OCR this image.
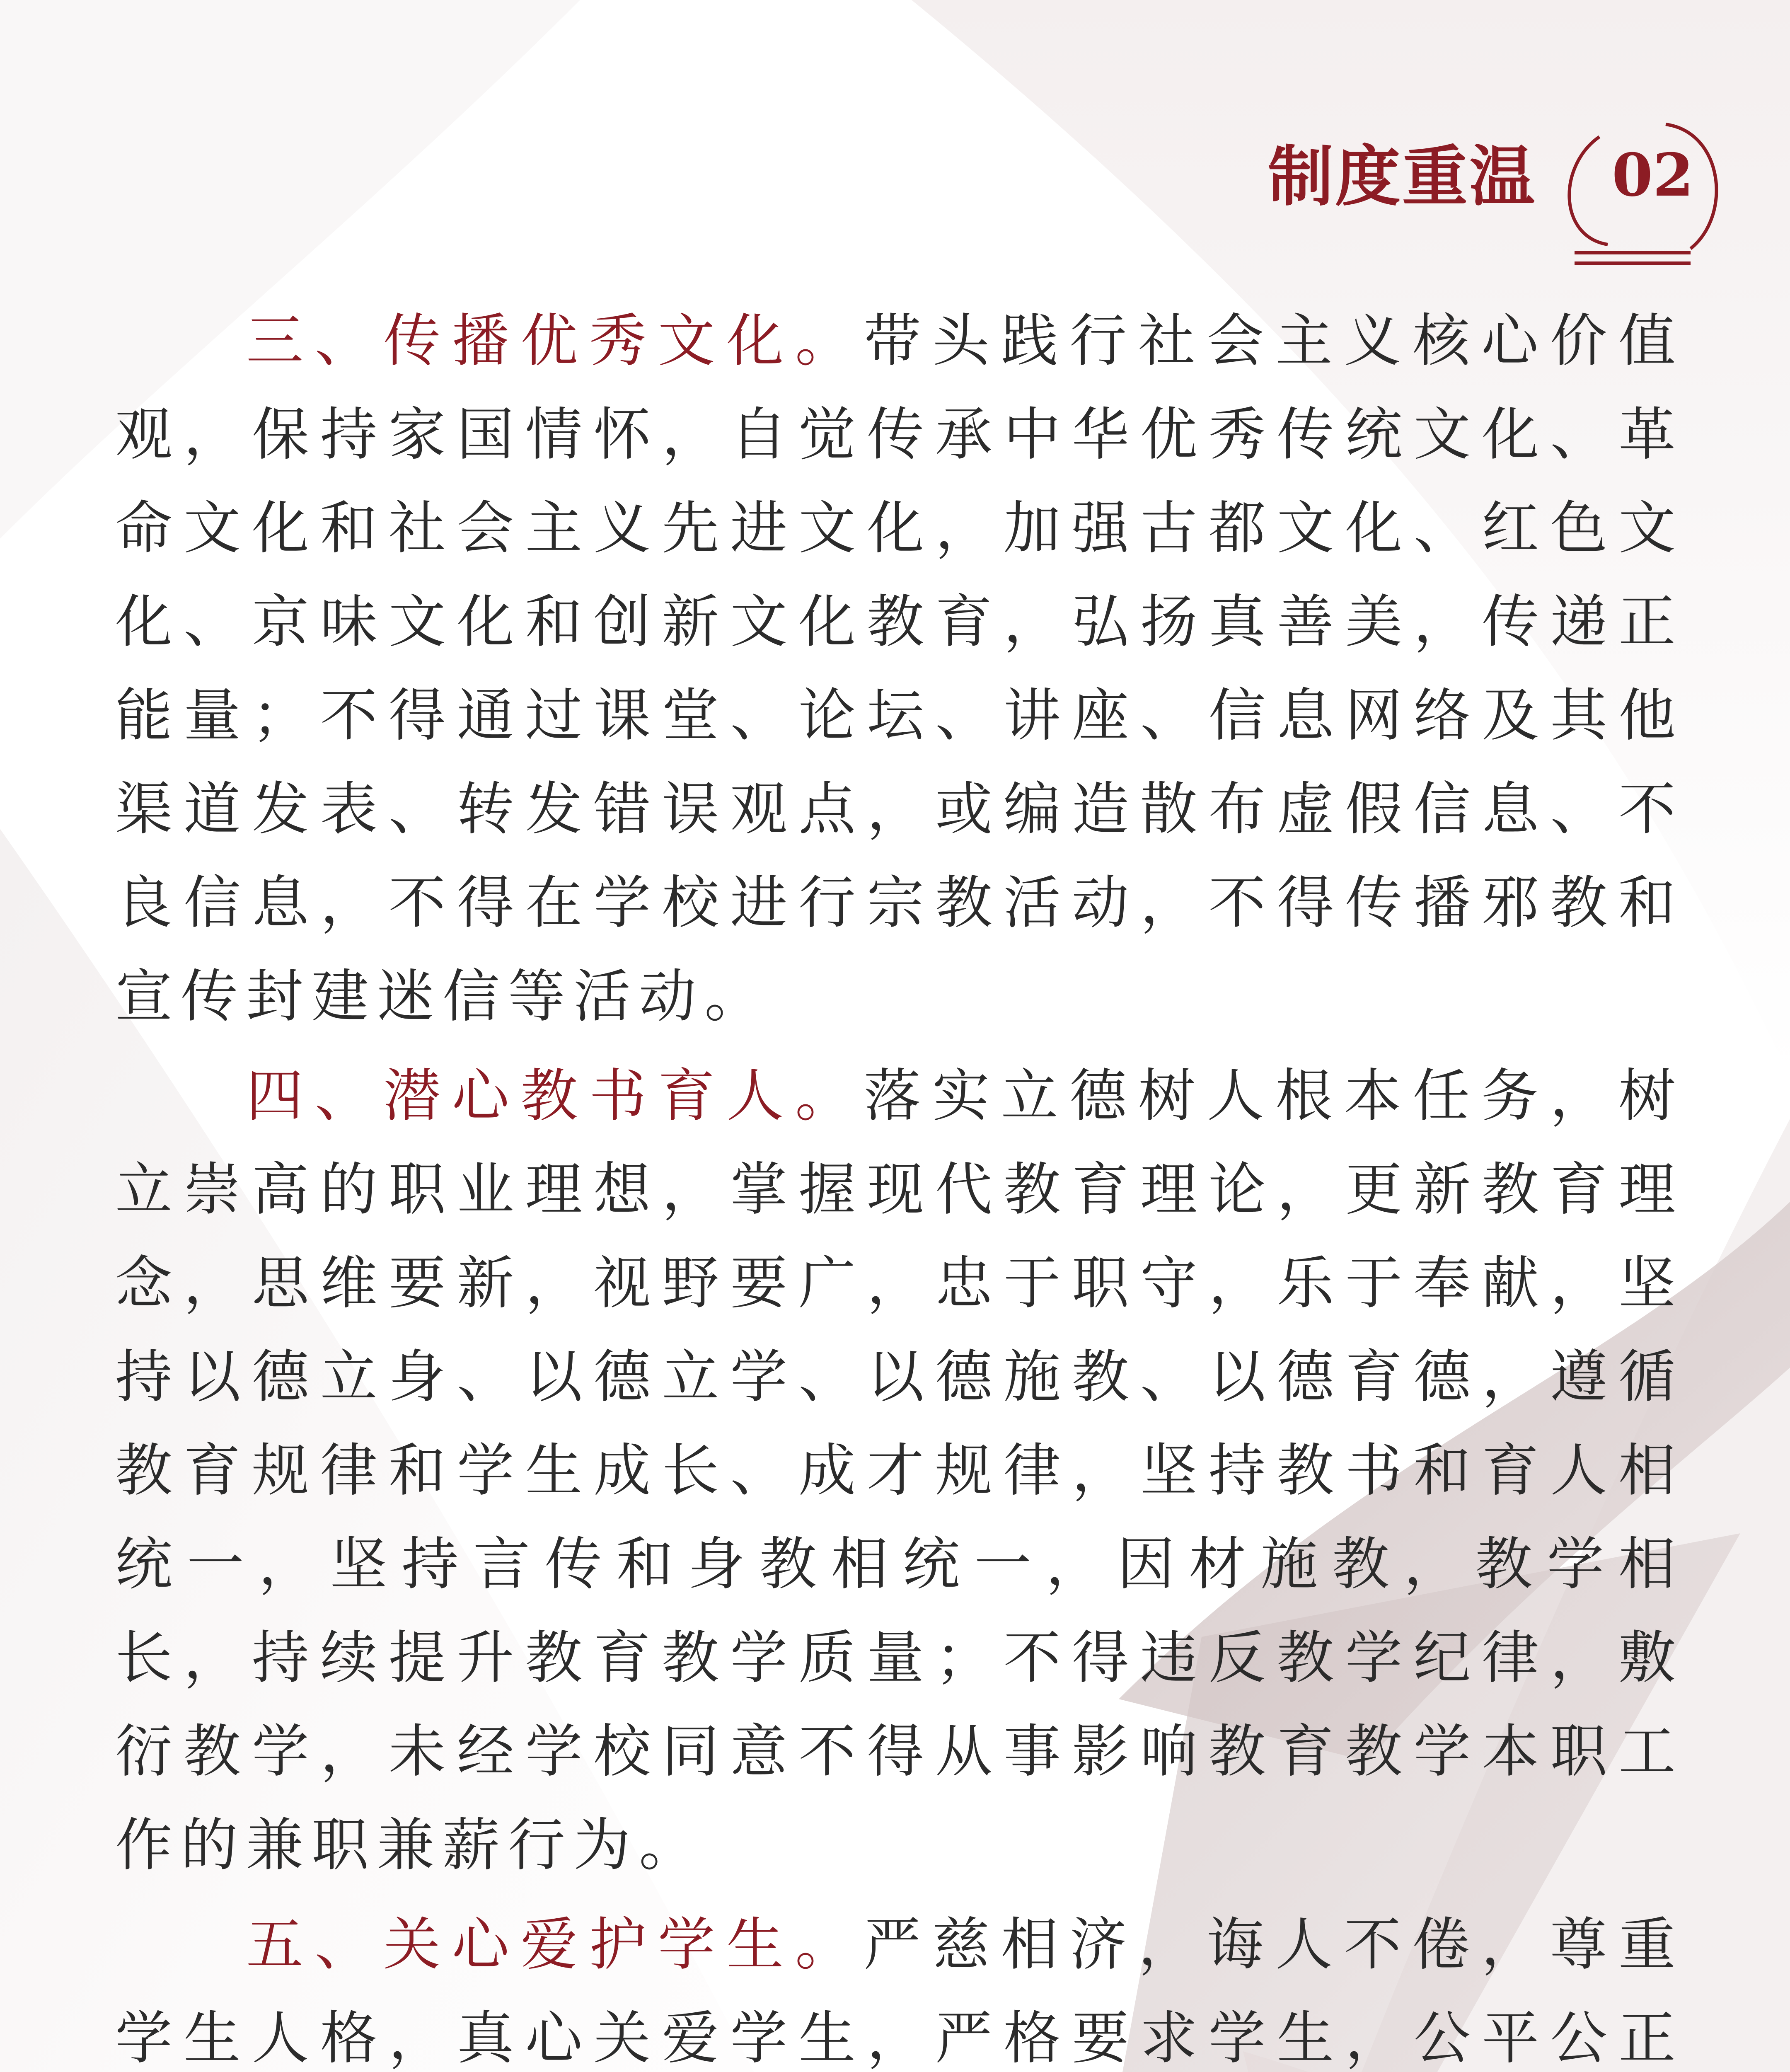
制度重温 02

三、传播优秀文化。带头践行社会主义核心价值观，保持家国情怀，自觉传承中华优秀传统文化、革命文化和社会主义先进文化，加强古都文化、红色文化、京味文化和创新文化教育，弘扬真善美，传递正能量；不得通过课堂、论坛、讲座、信息网络及其他渠道发表、转发错误观点，或编造散布虚假信息、不良信息，不得在学校进行宗教活动，不得传播邪教和宣传封建迷信等活动。

四、潜心教书育人。落实立德树人根本任务，树立崇高的职业理想，掌握现代教育理论，更新教育理念，思维要新，视野要广，忠于职守，乐于奉献，坚持以德立身、以德立学、以德施教、以德育德，遵循教育规律和学生成长、成才规律，坚持教书和育人相统一，坚持言传和身教相统一，因材施教，教学相长，持续提升教育教学质量；不得违反教学纪律，敷衍教学，未经学校同意不得从事影响教育教学本职工作的兼职兼薪行为。

五、关心爱护学生。严慈相济，诲人不倦，尊重学生人格，真心关爱学生，严格要求学生，公平公正
